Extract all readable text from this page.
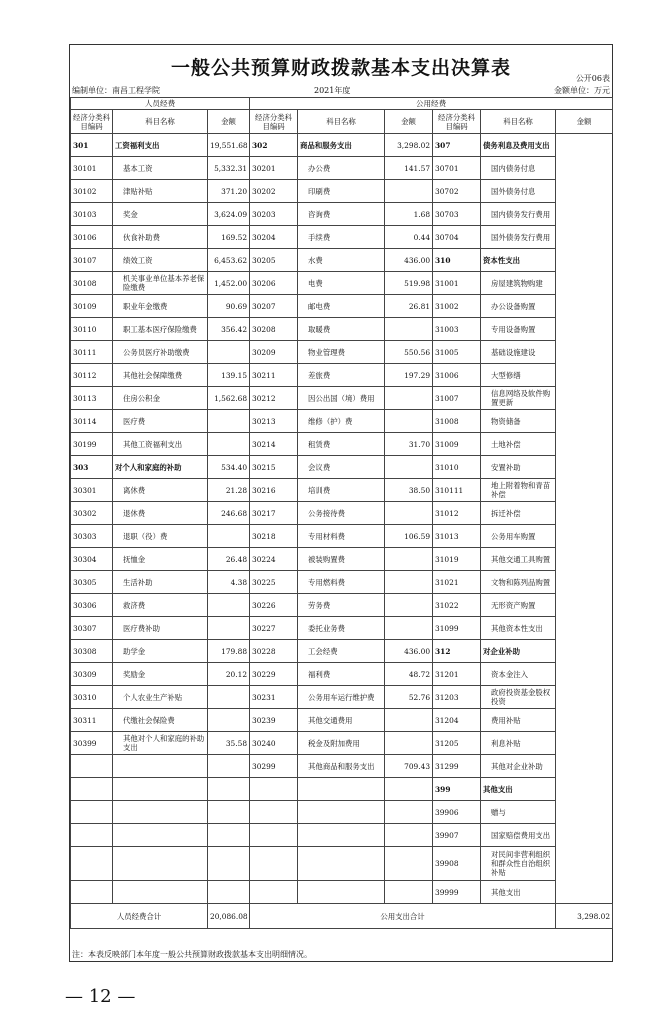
一般公共预算财政拨款基本支出决算表	公开06表
编制单位：南昌工程学院	2021年度	金额单位：万元
人员经费			公用经费					
经济分类科目编码	科目名称	金额	经济分类科目编码	科目名称	金额	经济分类科目编码	科目名称	金额
301	工资福利支出	19,551.68	302	商品和服务支出	3,298.02	307	债务利息及费用支出	
30101	基本工资	5,332.31	30201	办公费	141.57	30701	国内债务付息	
30102	津贴补贴	371.20	30202	印刷费		30702	国外债务付息	
30103	奖金	3,624.09	30203	咨询费	1.68	30703	国内债务发行费用	
30106	伙食补助费	169.52	30204	手续费	0.44	30704	国外债务发行费用	
30107	绩效工资	6,453.62	30205	水费	436.00	310	资本性支出	
30108	机关事业单位基本养老保险缴费	1,452.00	30206	电费	519.98	31001	房屋建筑物购建	
30109	职业年金缴费	90.69	30207	邮电费	26.81	31002	办公设备购置	
30110	职工基本医疗保险缴费	356.42	30208	取暖费		31003	专用设备购置	
30111	公务员医疗补助缴费		30209	物业管理费	550.56	31005	基础设施建设	
30112	其他社会保障缴费	139.15	30211	差旅费	197.29	31006	大型修缮	
30113	住房公积金	1,562.68	30212	因公出国（境）费用		31007	信息网络及软件购置更新	
30114	医疗费		30213	维修（护）费		31008	物资储备	
30199	其他工资福利支出		30214	租赁费	31.70	31009	土地补偿	
303	对个人和家庭的补助	534.40	30215	会议费		31010	安置补助	
30301	离休费	21.28	30216	培训费	38.50	310111	地上附着物和青苗补偿	
30302	退休费	246.68	30217	公务接待费		31012	拆迁补偿	
30303	退职（役）费		30218	专用材料费	106.59	31013	公务用车购置	
30304	抚恤金	26.48	30224	被装购置费		31019	其他交通工具购置	
30305	生活补助	4.38	30225	专用燃料费		31021	文物和陈列品购置	
30306	救济费		30226	劳务费		31022	无形资产购置	
30307	医疗费补助		30227	委托业务费		31099	其他资本性支出	
30308	助学金	179.88	30228	工会经费	436.00	312	对企业补助	
30309	奖励金	20.12	30229	福利费	48.72	31201	资本金注入	
30310	个人农业生产补贴		30231	公务用车运行维护费	52.76	31203	政府投资基金股权投资	
30311	代缴社会保险费		30239	其他交通费用		31204	费用补贴	
30399	其他对个人和家庭的补助支出	35.58	30240	税金及附加费用		31205	利息补贴	
			30299	其他商品和服务支出	709.43	31299	其他对企业补助	
						399	其他支出	
						39906	赠与	
						39907	国家赔偿费用支出	
						39908	对民间非营利组织和群众性自治组织补贴	
						39999	其他支出	
人员经费合计		20,086.08	公用支出合计					3,298.02
注：本表反映部门本年度一般公共预算财政拨款基本支出明细情况。
— 12 —
